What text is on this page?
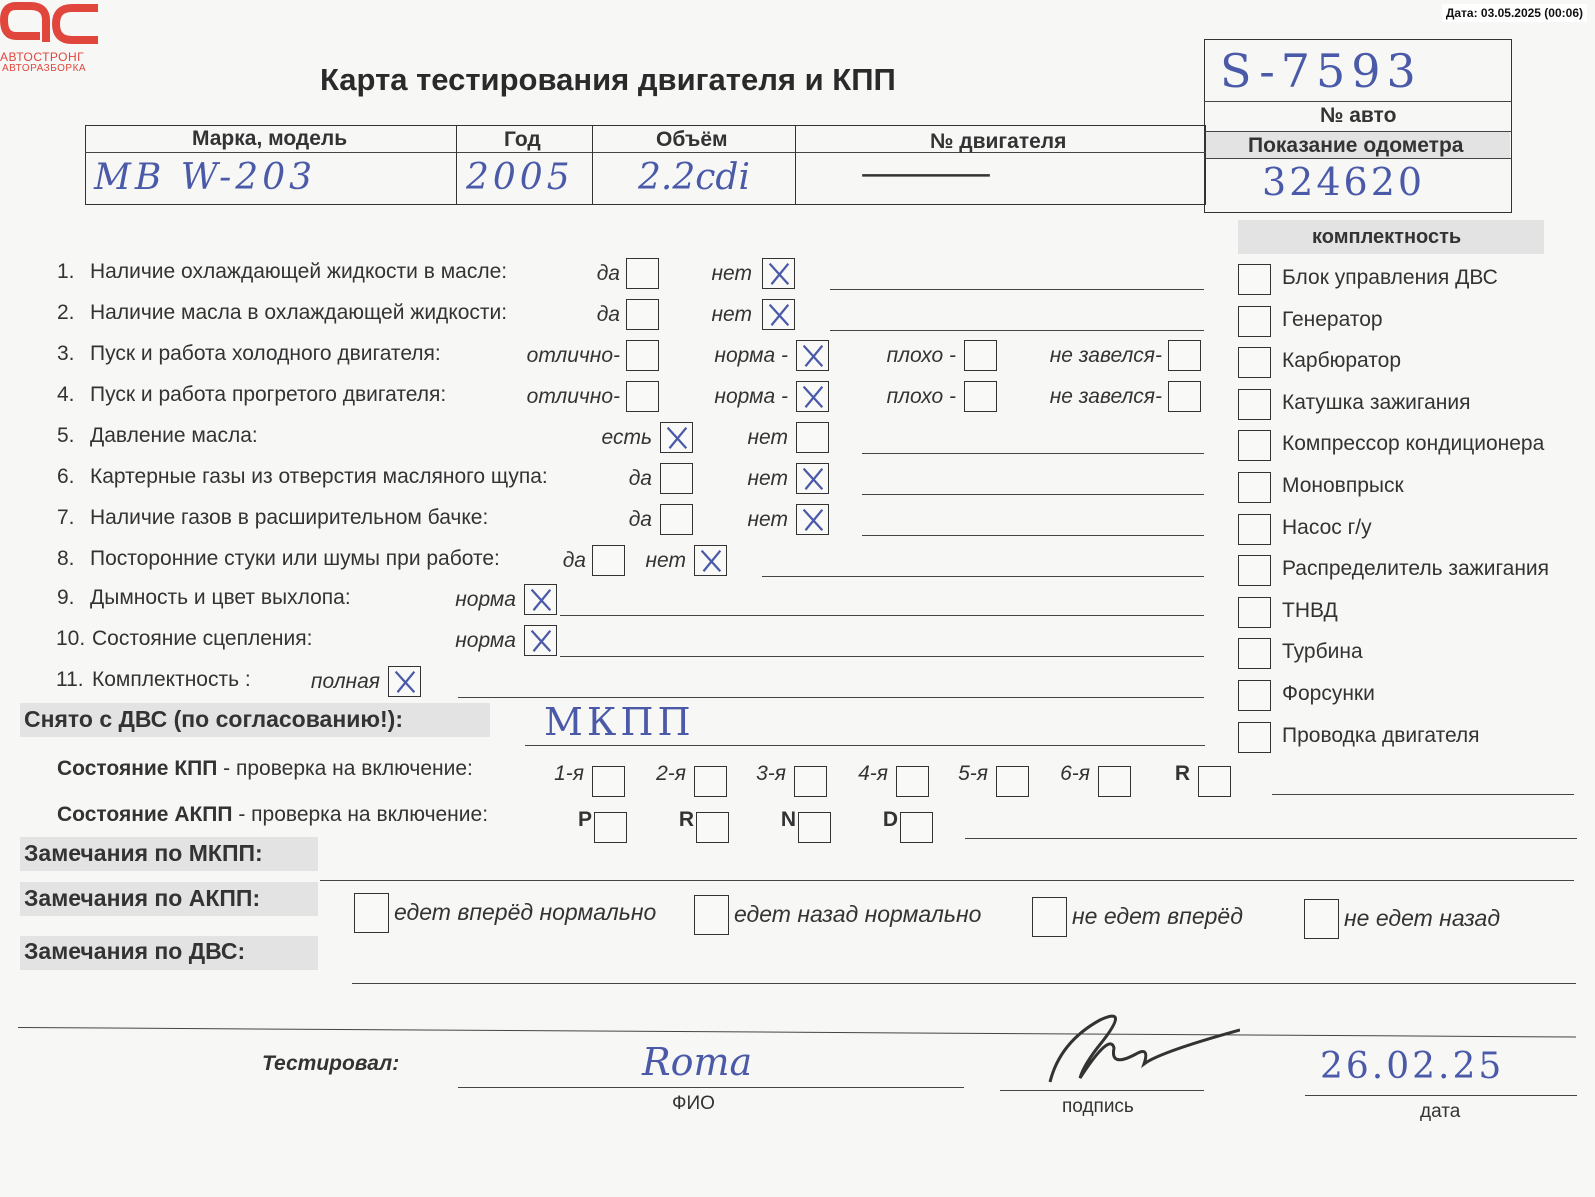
АВТОСТРОНГ
АВТОРАЗБОРКА
Дата: 03.05.2025 (00:06)
Карта тестирования двигателя и КПП	S-7593
№ авто
Показание одометра
324620
Марка, модель	Год	Объём	№ двигателя
МВ W-203	2005 2.2cdi	—
комплектность
Блок управления ДВС
Генератор
Карбюратор
Катушка зажигания
Компрессор кондиционера
Моновпрыск
Насос г/у
Распределитель зажигания
ТНВД
Турбина
Форсунки
Проводка двигателя
1. Наличие охлаждающей жидкости в масле:	да	нет
2. Наличие масла в охлаждающей жидкости:	да	нет
3. Пуск и работа холодного двигателя:	отлично-	норма -	плохо -	не завелся-
4. Пуск и работа прогретого двигателя:	отлично-	норма -	плохо -	не завелся-
5. Давление масла:	есть	нет
6. Картерные газы из отверстия масляного щупа:	да	нет
7. Наличие газов в расширительном бачке:	да	нет
8. Посторонние стуки или шумы при работе:	да	нет
9. Дымность и цвет выхлопа:	норма
10. Состояние сцепления:	норма
11. Комплектность :	полная
Снято с ДВС (по согласованию!):	МКПП
Состояние КПП - проверка на включение:	1-я	2-я	3-я	4-я	5-я	6-я	R
Состояние АКПП - проверка на включение:	P	R	N	D
Замечания по МКПП:
Замечания по АКПП:
едет вперёд нормально	едет назад нормально	не едет вперёд	не едет назад
Замечания по ДВС:
Тестировал:	Roma
ФИО	подпись
26.02.25
дата
